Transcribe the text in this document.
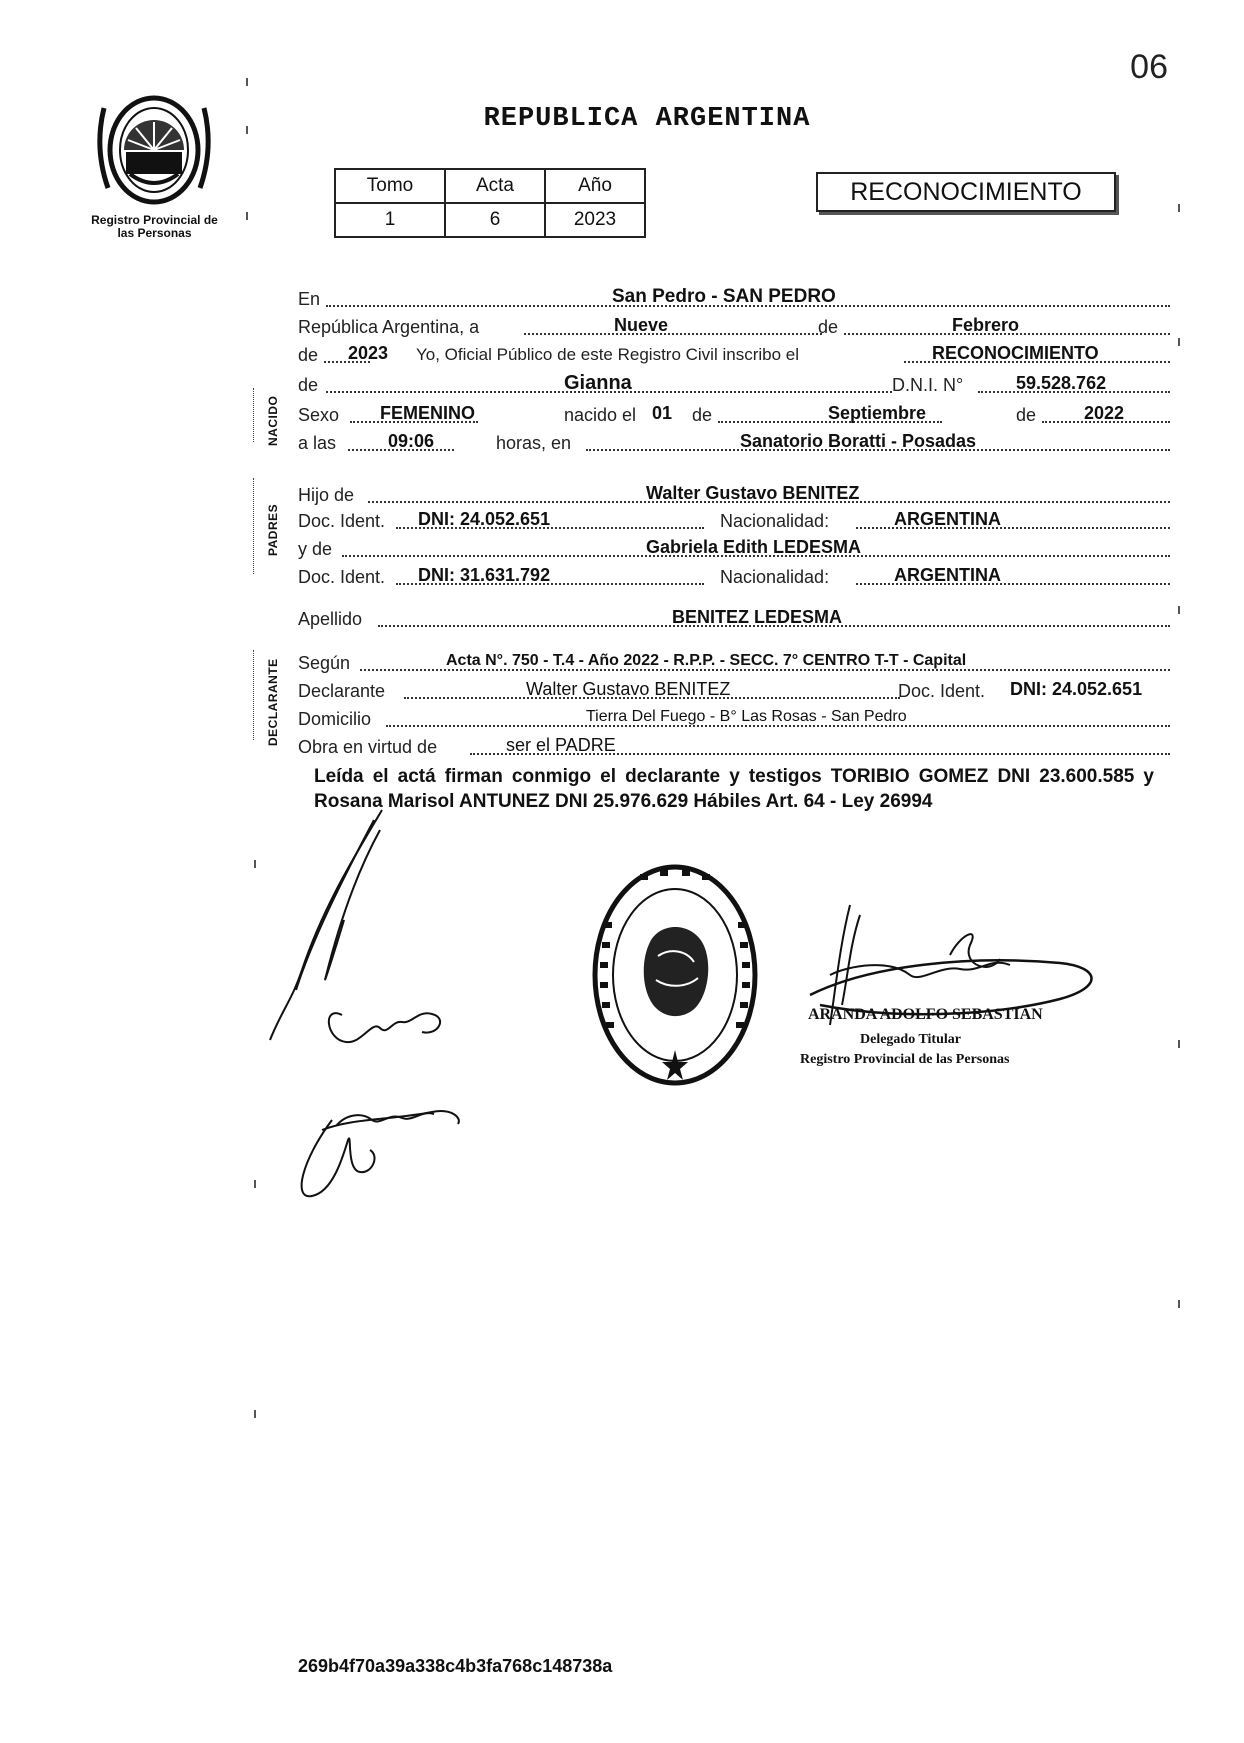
06
Registro Provincial de las Personas
REPUBLICA ARGENTINA
Tomo	Acta	Año
1	6	2023
RECONOCIMIENTO
NACIDO
PADRES
DECLARANTE
En	San Pedro - SAN PEDRO
República Argentina, a	Nueve	de	Febrero
de 2023 Yo, Oficial Público de este Registro Civil inscribo el	RECONOCIMIENTO
de	Gianna	D.N.I. N°	59.528.762
Sexo FEMENINO	nacido el 01 de	Septiembre	de	2022
a las	09:06	horas, en	Sanatorio Boratti - Posadas
Hijo de	Walter Gustavo BENITEZ
Doc. Ident. DNI: 24.052.651	Nacionalidad:	ARGENTINA
y de	Gabriela Edith LEDESMA
Doc. Ident. DNI: 31.631.792	Nacionalidad:	ARGENTINA
Apellido	BENITEZ LEDESMA
Según	Acta N°. 750 - T.4 - Año 2022 - R.P.P. - SECC. 7° CENTRO T-T - Capital
Declarante	Walter Gustavo BENITEZ	Doc. Ident. DNI: 24.052.651
Domicilio	Tierra Del Fuego - B° Las Rosas - San Pedro
Obra en virtud de	ser el PADRE
Leída el actá firman conmigo el declarante y testigos TORIBIO GOMEZ DNI 23.600.585 y Rosana Marisol ANTUNEZ DNI 25.976.629 Hábiles Art. 64 - Ley 26994
ARANDA ADOLFO SEBASTIAN
Delegado Titular
Registro Provincial de las Personas
269b4f70a39a338c4b3fa768c148738a
